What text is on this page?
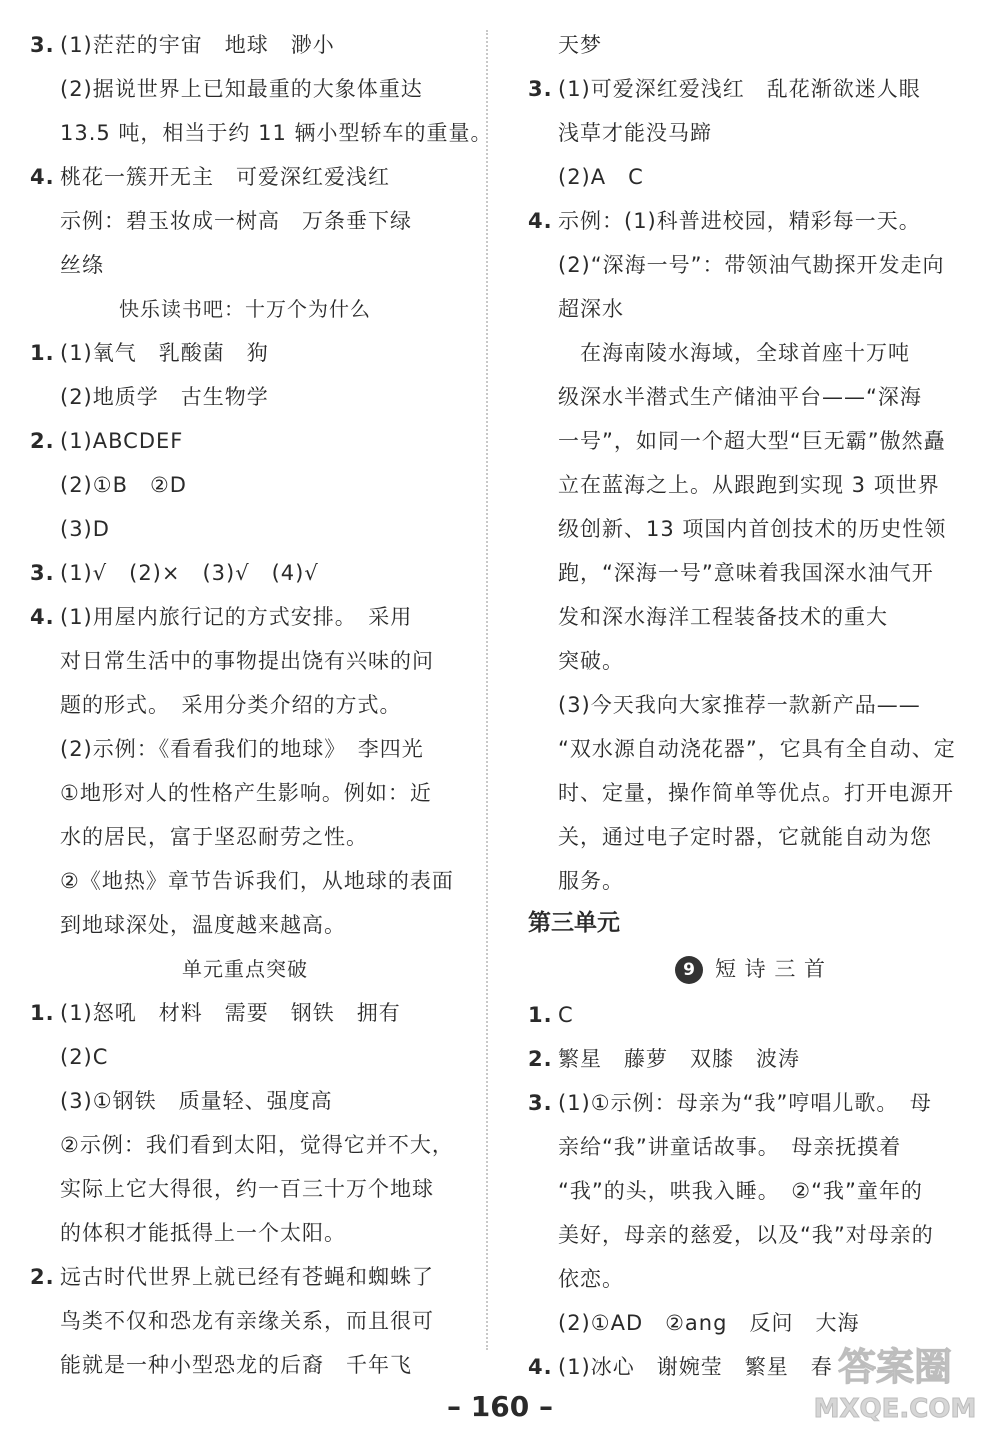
3. (1)茫茫的宇宙　地球　渺小
(2)据说世界上已知最重的大象体重达
13.5 吨，相当于约 11 辆小型轿车的重量。
4. 桃花一簇开无主　可爱深红爱浅红
示例：碧玉妆成一树高　万条垂下绿
丝绦
快乐读书吧：十万个为什么
1. (1)氧气　乳酸菌　狗
(2)地质学　古生物学
2. (1)ABCDEF
(2)①B　②D
(3)D
3. (1)√　(2)×　(3)√　(4)√
4. (1)用屋内旅行记的方式安排。　采用
对日常生活中的事物提出饶有兴味的问
题的形式。　采用分类介绍的方式。
(2)示例：《看看我们的地球》　李四光
①地形对人的性格产生影响。例如：近
水的居民，富于坚忍耐劳之性。
②《地热》章节告诉我们，从地球的表面
到地球深处，温度越来越高。
单元重点突破
1. (1)怒吼　材料　需要　钢铁　拥有
(2)C
(3)①钢铁　质量轻、强度高
②示例：我们看到太阳，觉得它并不大，
实际上它大得很，约一百三十万个地球
的体积才能抵得上一个太阳。
2. 远古时代世界上就已经有苍蝇和蜘蛛了
鸟类不仅和恐龙有亲缘关系，而且很可
能就是一种小型恐龙的后裔　千年飞
天梦
3. (1)可爱深红爱浅红　乱花渐欲迷人眼
浅草才能没马蹄
(2)A　C
4. 示例：(1)科普进校园，精彩每一天。
(2)“深海一号”：带领油气勘探开发走向
超深水
　在海南陵水海域，全球首座十万吨
级深水半潜式生产储油平台——“深海
一号”，如同一个超大型“巨无霸”傲然矗
立在蓝海之上。从跟跑到实现 3 项世界
级创新、13 项国内首创技术的历史性领
跑，“深海一号”意味着我国深水油气开
发和深水海洋工程装备技术的重大
突破。
(3)今天我向大家推荐一款新产品——
“双水源自动浇花器”，它具有全自动、定
时、定量，操作简单等优点。打开电源开
关，通过电子定时器，它就能自动为您
服务。
第三单元
9 短 诗 三 首
1. C
2. 繁星　藤萝　双膝　波涛
3. (1)①示例：母亲为“我”哼唱儿歌。　母
亲给“我”讲童话故事。　母亲抚摸着
“我”的头，哄我入睡。　②“我”童年的
美好，母亲的慈爱，以及“我”对母亲的
依恋。
(2)①AD　②ang　反问　大海
4. (1)冰心　谢婉莹　繁星　春
– 160 –
答案圈
MXQE.COM
